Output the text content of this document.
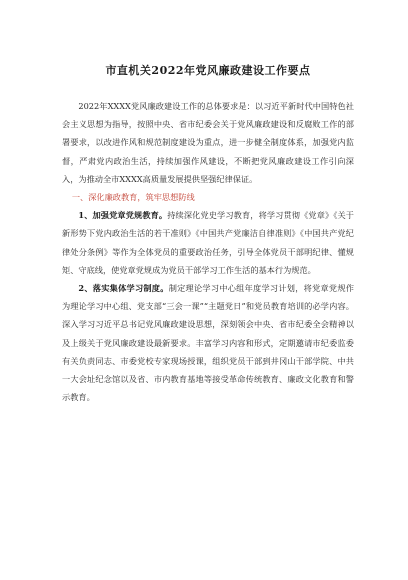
市直机关2022年党风廉政建设工作要点

2022年XXXX党风廉政建设工作的总体要求是：以习近平新时代中国特色社会主义思想为指导，按照中央、省市纪委会关于党风廉政建设和反腐败工作的部署要求，以改进作风和规范制度建设为重点，进一步健全制度体系，加强党内监督，严肃党内政治生活，持续加强作风建设，不断把党风廉政建设工作引向深入，为推动全市XXXX高质量发展提供坚强纪律保证。

一、深化廉政教育，筑牢思想防线

1、加强党章党规教育。持续深化党史学习教育，将学习贯彻《党章》《关于新形势下党内政治生活的若干准则》《中国共产党廉洁自律准则》《中国共产党纪律处分条例》等作为全体党员的重要政治任务，引导全体党员干部明纪律、懂规矩、守底线，使党章党规成为党员干部学习工作生活的基本行为规范。

2、落实集体学习制度。制定理论学习中心组年度学习计划，将党章党规作为理论学习中心组、党支部“三会一课”“主题党日”和党员教育培训的必学内容。深入学习习近平总书记党风廉政建设思想，深刻领会中央、省市纪委全会精神以及上级关于党风廉政建设最新要求。丰富学习内容和形式，定期邀请市纪委监委有关负责同志、市委党校专家现场授课，组织党员干部到井冈山干部学院、中共一大会址纪念馆以及省、市内教育基地等接受革命传统教育、廉政文化教育和警示教育。
